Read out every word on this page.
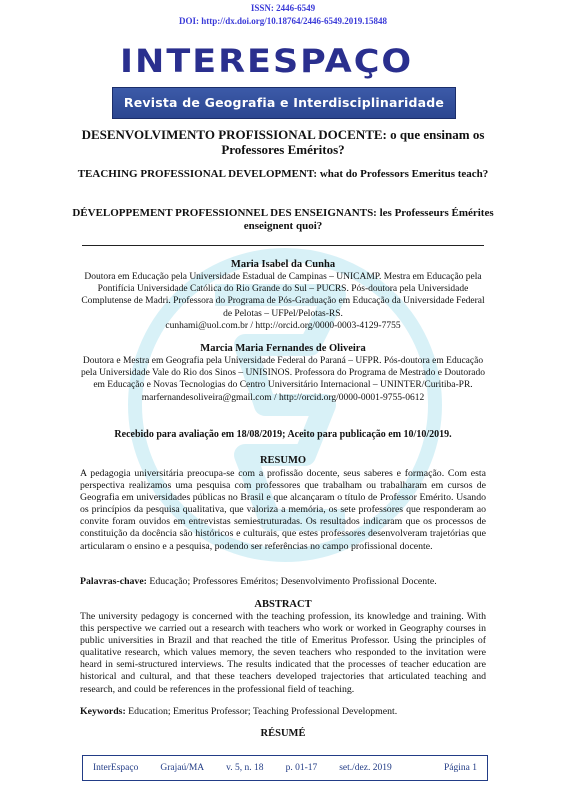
ISSN: 2446-6549
DOI: http://dx.doi.org/10.18764/2446-6549.2019.15848
INTERESPAÇO
Revista de Geografia e Interdisciplinaridade
DESENVOLVIMENTO PROFISSIONAL DOCENTE: o que ensinam os Professores Eméritos?
TEACHING PROFESSIONAL DEVELOPMENT: what do Professors Emeritus teach?
DÉVELOPPEMENT PROFESSIONNEL DES ENSEIGNANTS: les Professeurs Émérites enseignent quoi?
Maria Isabel da Cunha
Doutora em Educação pela Universidade Estadual de Campinas – UNICAMP. Mestra em Educação pela Pontifícia Universidade Católica do Rio Grande do Sul – PUCRS. Pós-doutora pela Universidade Complutense de Madri. Professora do Programa de Pós-Graduação em Educação da Universidade Federal de Pelotas – UFPel/Pelotas-RS.
cunhami@uol.com.br / http://orcid.org/0000-0003-4129-7755
Marcia Maria Fernandes de Oliveira
Doutora e Mestra em Geografia pela Universidade Federal do Paraná – UFPR. Pós-doutora em Educação pela Universidade Vale do Rio dos Sinos – UNISINOS. Professora do Programa de Mestrado e Doutorado em Educação e Novas Tecnologias do Centro Universitário Internacional – UNINTER/Curitiba-PR.
marfernandesoliveira@gmail.com / http://orcid.org/0000-0001-9755-0612
Recebido para avaliação em 18/08/2019; Aceito para publicação em 10/10/2019.
RESUMO
A pedagogia universitária preocupa-se com a profissão docente, seus saberes e formação. Com esta perspectiva realizamos uma pesquisa com professores que trabalham ou trabalharam em cursos de Geografia em universidades públicas no Brasil e que alcançaram o título de Professor Emérito. Usando os princípios da pesquisa qualitativa, que valoriza a memória, os sete professores que responderam ao convite foram ouvidos em entrevistas semiestruturadas. Os resultados indicaram que os processos de constituição da docência são históricos e culturais, que estes professores desenvolveram trajetórias que articularam o ensino e a pesquisa, podendo ser referências no campo profissional docente.
Palavras-chave: Educação; Professores Eméritos; Desenvolvimento Profissional Docente.
ABSTRACT
The university pedagogy is concerned with the teaching profession, its knowledge and training. With this perspective we carried out a research with teachers who work or worked in Geography courses in public universities in Brazil and that reached the title of Emeritus Professor. Using the principles of qualitative research, which values memory, the seven teachers who responded to the invitation were heard in semi-structured interviews. The results indicated that the processes of teacher education are historical and cultural, and that these teachers developed trajectories that articulated teaching and research, and could be references in the professional field of teaching.
Keywords: Education; Emeritus Professor; Teaching Professional Development.
RÉSUMÉ
InterEspaço Grajaú/MA v. 5, n. 18 p. 01-17 set./dez. 2019	Página 1
